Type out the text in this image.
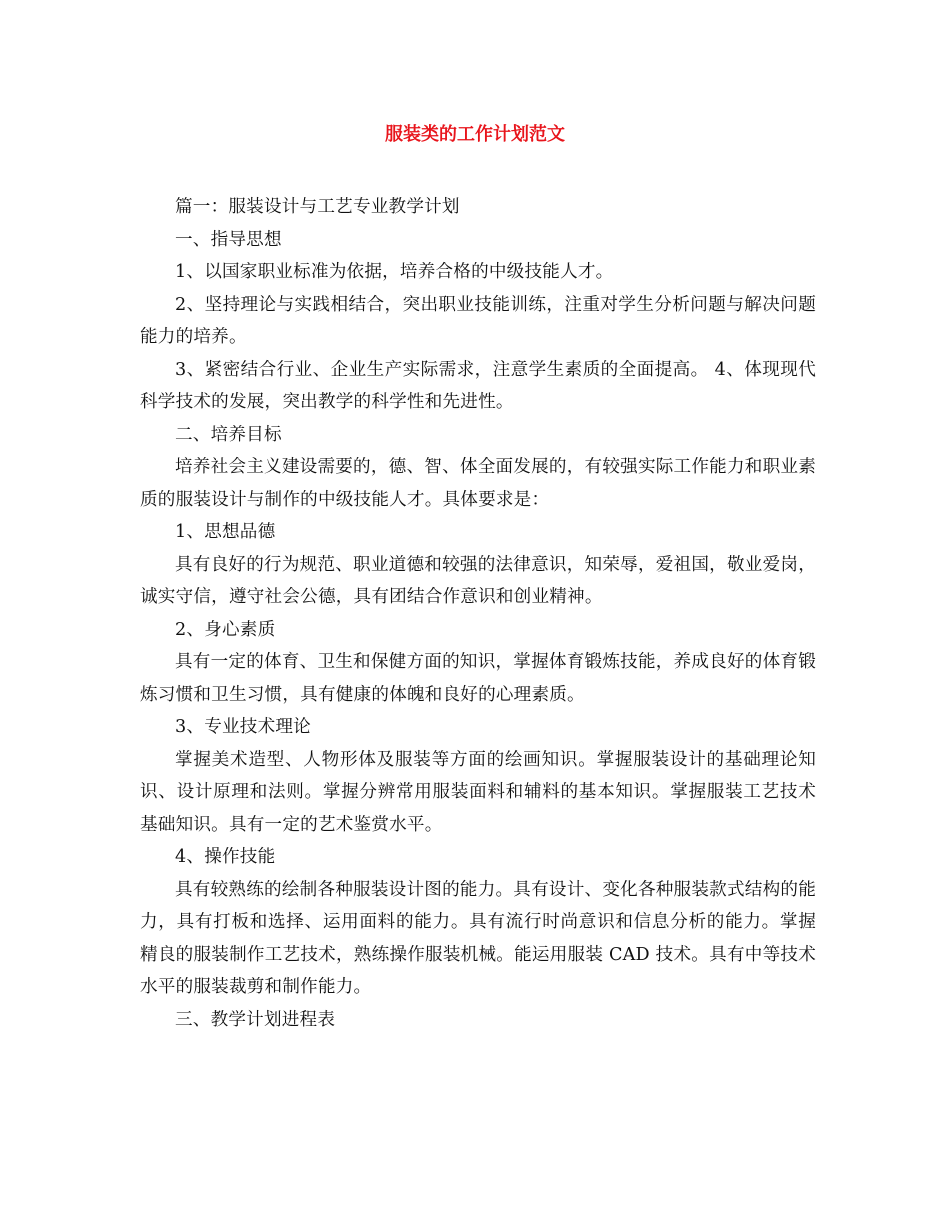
服装类的工作计划范文

篇一：服装设计与工艺专业教学计划

一、指导思想

1、以国家职业标准为依据，培养合格的中级技能人才。

2、坚持理论与实践相结合，突出职业技能训练，注重对学生分析问题与解决问题能力的培养。

3、紧密结合行业、企业生产实际需求，注意学生素质的全面提高。 4、体现现代科学技术的发展，突出教学的科学性和先进性。

二、培养目标

培养社会主义建设需要的，德、智、体全面发展的，有较强实际工作能力和职业素质的服装设计与制作的中级技能人才。具体要求是：

1、思想品德

具有良好的行为规范、职业道德和较强的法律意识，知荣辱，爱祖国，敬业爱岗，诚实守信，遵守社会公德，具有团结合作意识和创业精神。

2、身心素质

具有一定的体育、卫生和保健方面的知识，掌握体育锻炼技能，养成良好的体育锻炼习惯和卫生习惯，具有健康的体魄和良好的心理素质。

3、专业技术理论

掌握美术造型、人物形体及服装等方面的绘画知识。掌握服装设计的基础理论知识、设计原理和法则。掌握分辨常用服装面料和辅料的基本知识。掌握服装工艺技术基础知识。具有一定的艺术鉴赏水平。

4、操作技能

具有较熟练的绘制各种服装设计图的能力。具有设计、变化各种服装款式结构的能力，具有打板和选择、运用面料的能力。具有流行时尚意识和信息分析的能力。掌握精良的服装制作工艺技术，熟练操作服装机械。能运用服装 CAD 技术。具有中等技术水平的服装裁剪和制作能力。

三、教学计划进程表
